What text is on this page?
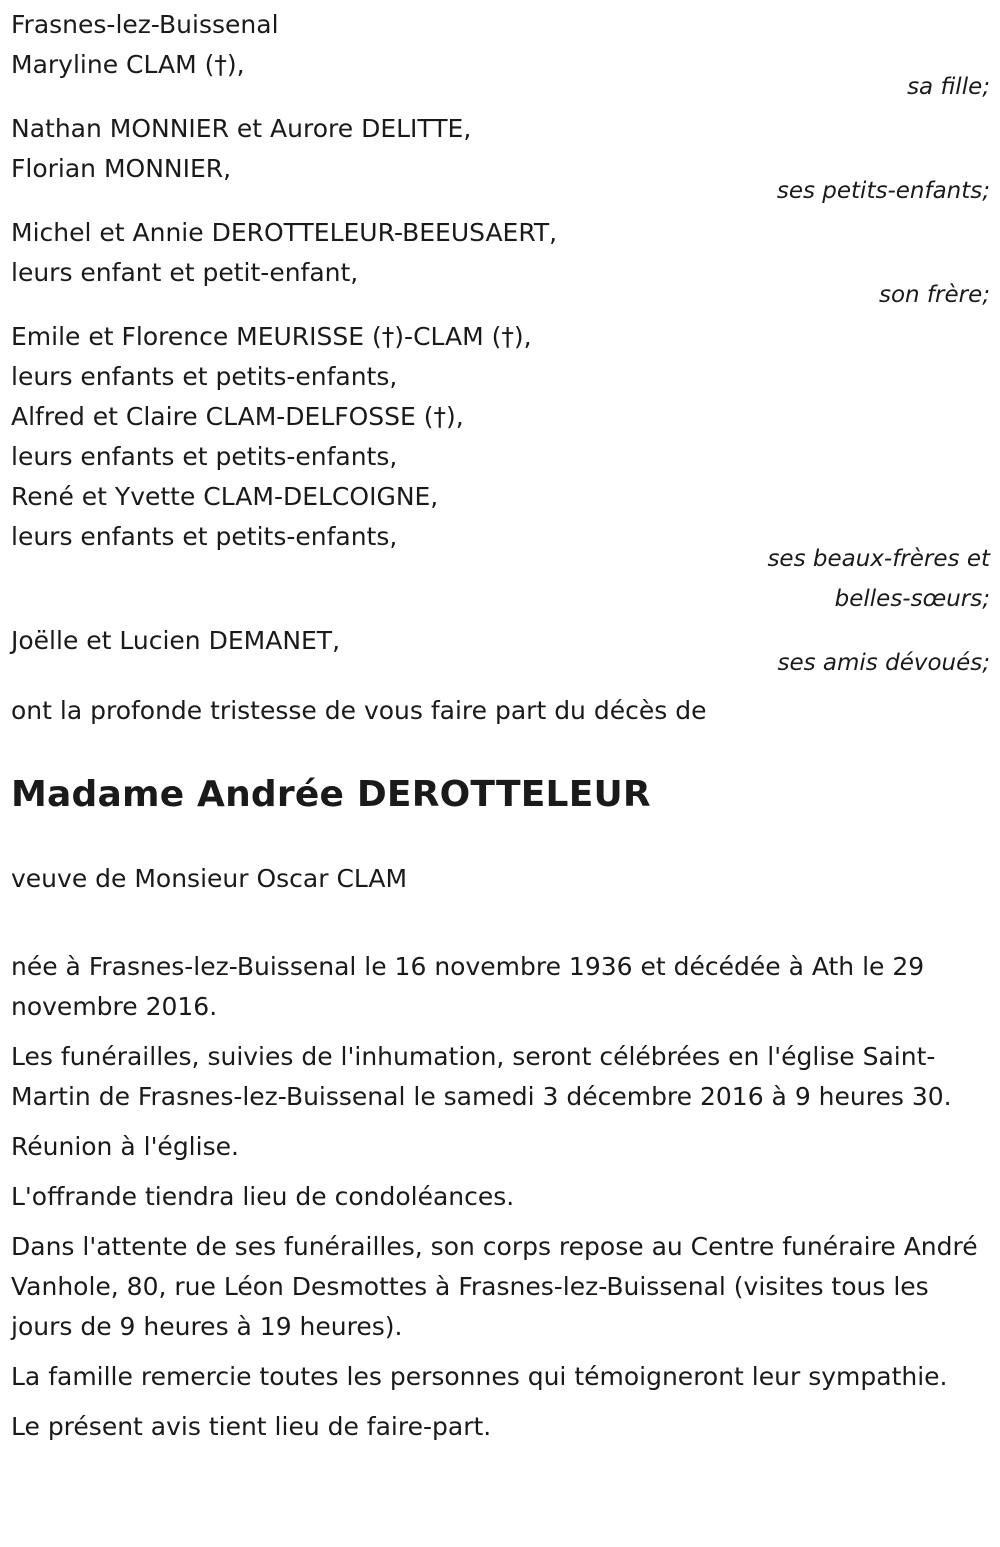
Frasnes-lez-Buissenal
Maryline CLAM (†),
sa fille;
Nathan MONNIER et Aurore DELITTE,
Florian MONNIER,
ses petits-enfants;
Michel et Annie DEROTTELEUR-BEEUSAERT,
leurs enfant et petit-enfant,
son frère;
Emile et Florence MEURISSE (†)-CLAM (†),
leurs enfants et petits-enfants,
Alfred et Claire CLAM-DELFOSSE (†),
leurs enfants et petits-enfants,
René et Yvette CLAM-DELCOIGNE,
leurs enfants et petits-enfants,
ses beaux-frères et
belles-sœurs;
Joëlle et Lucien DEMANET,
ses amis dévoués;
ont la profonde tristesse de vous faire part du décès de
Madame Andrée DEROTTELEUR
veuve de Monsieur Oscar CLAM
née à Frasnes-lez-Buissenal le 16 novembre 1936 et décédée à Ath le 29 novembre 2016.
Les funérailles, suivies de l'inhumation, seront célébrées en l'église Saint-Martin de Frasnes-lez-Buissenal le samedi 3 décembre 2016 à 9 heures 30.
Réunion à l'église.
L'offrande tiendra lieu de condoléances.
Dans l'attente de ses funérailles, son corps repose au Centre funéraire André Vanhole, 80, rue Léon Desmottes à Frasnes-lez-Buissenal (visites tous les jours de 9 heures à 19 heures).
La famille remercie toutes les personnes qui témoigneront leur sympathie.
Le présent avis tient lieu de faire-part.
